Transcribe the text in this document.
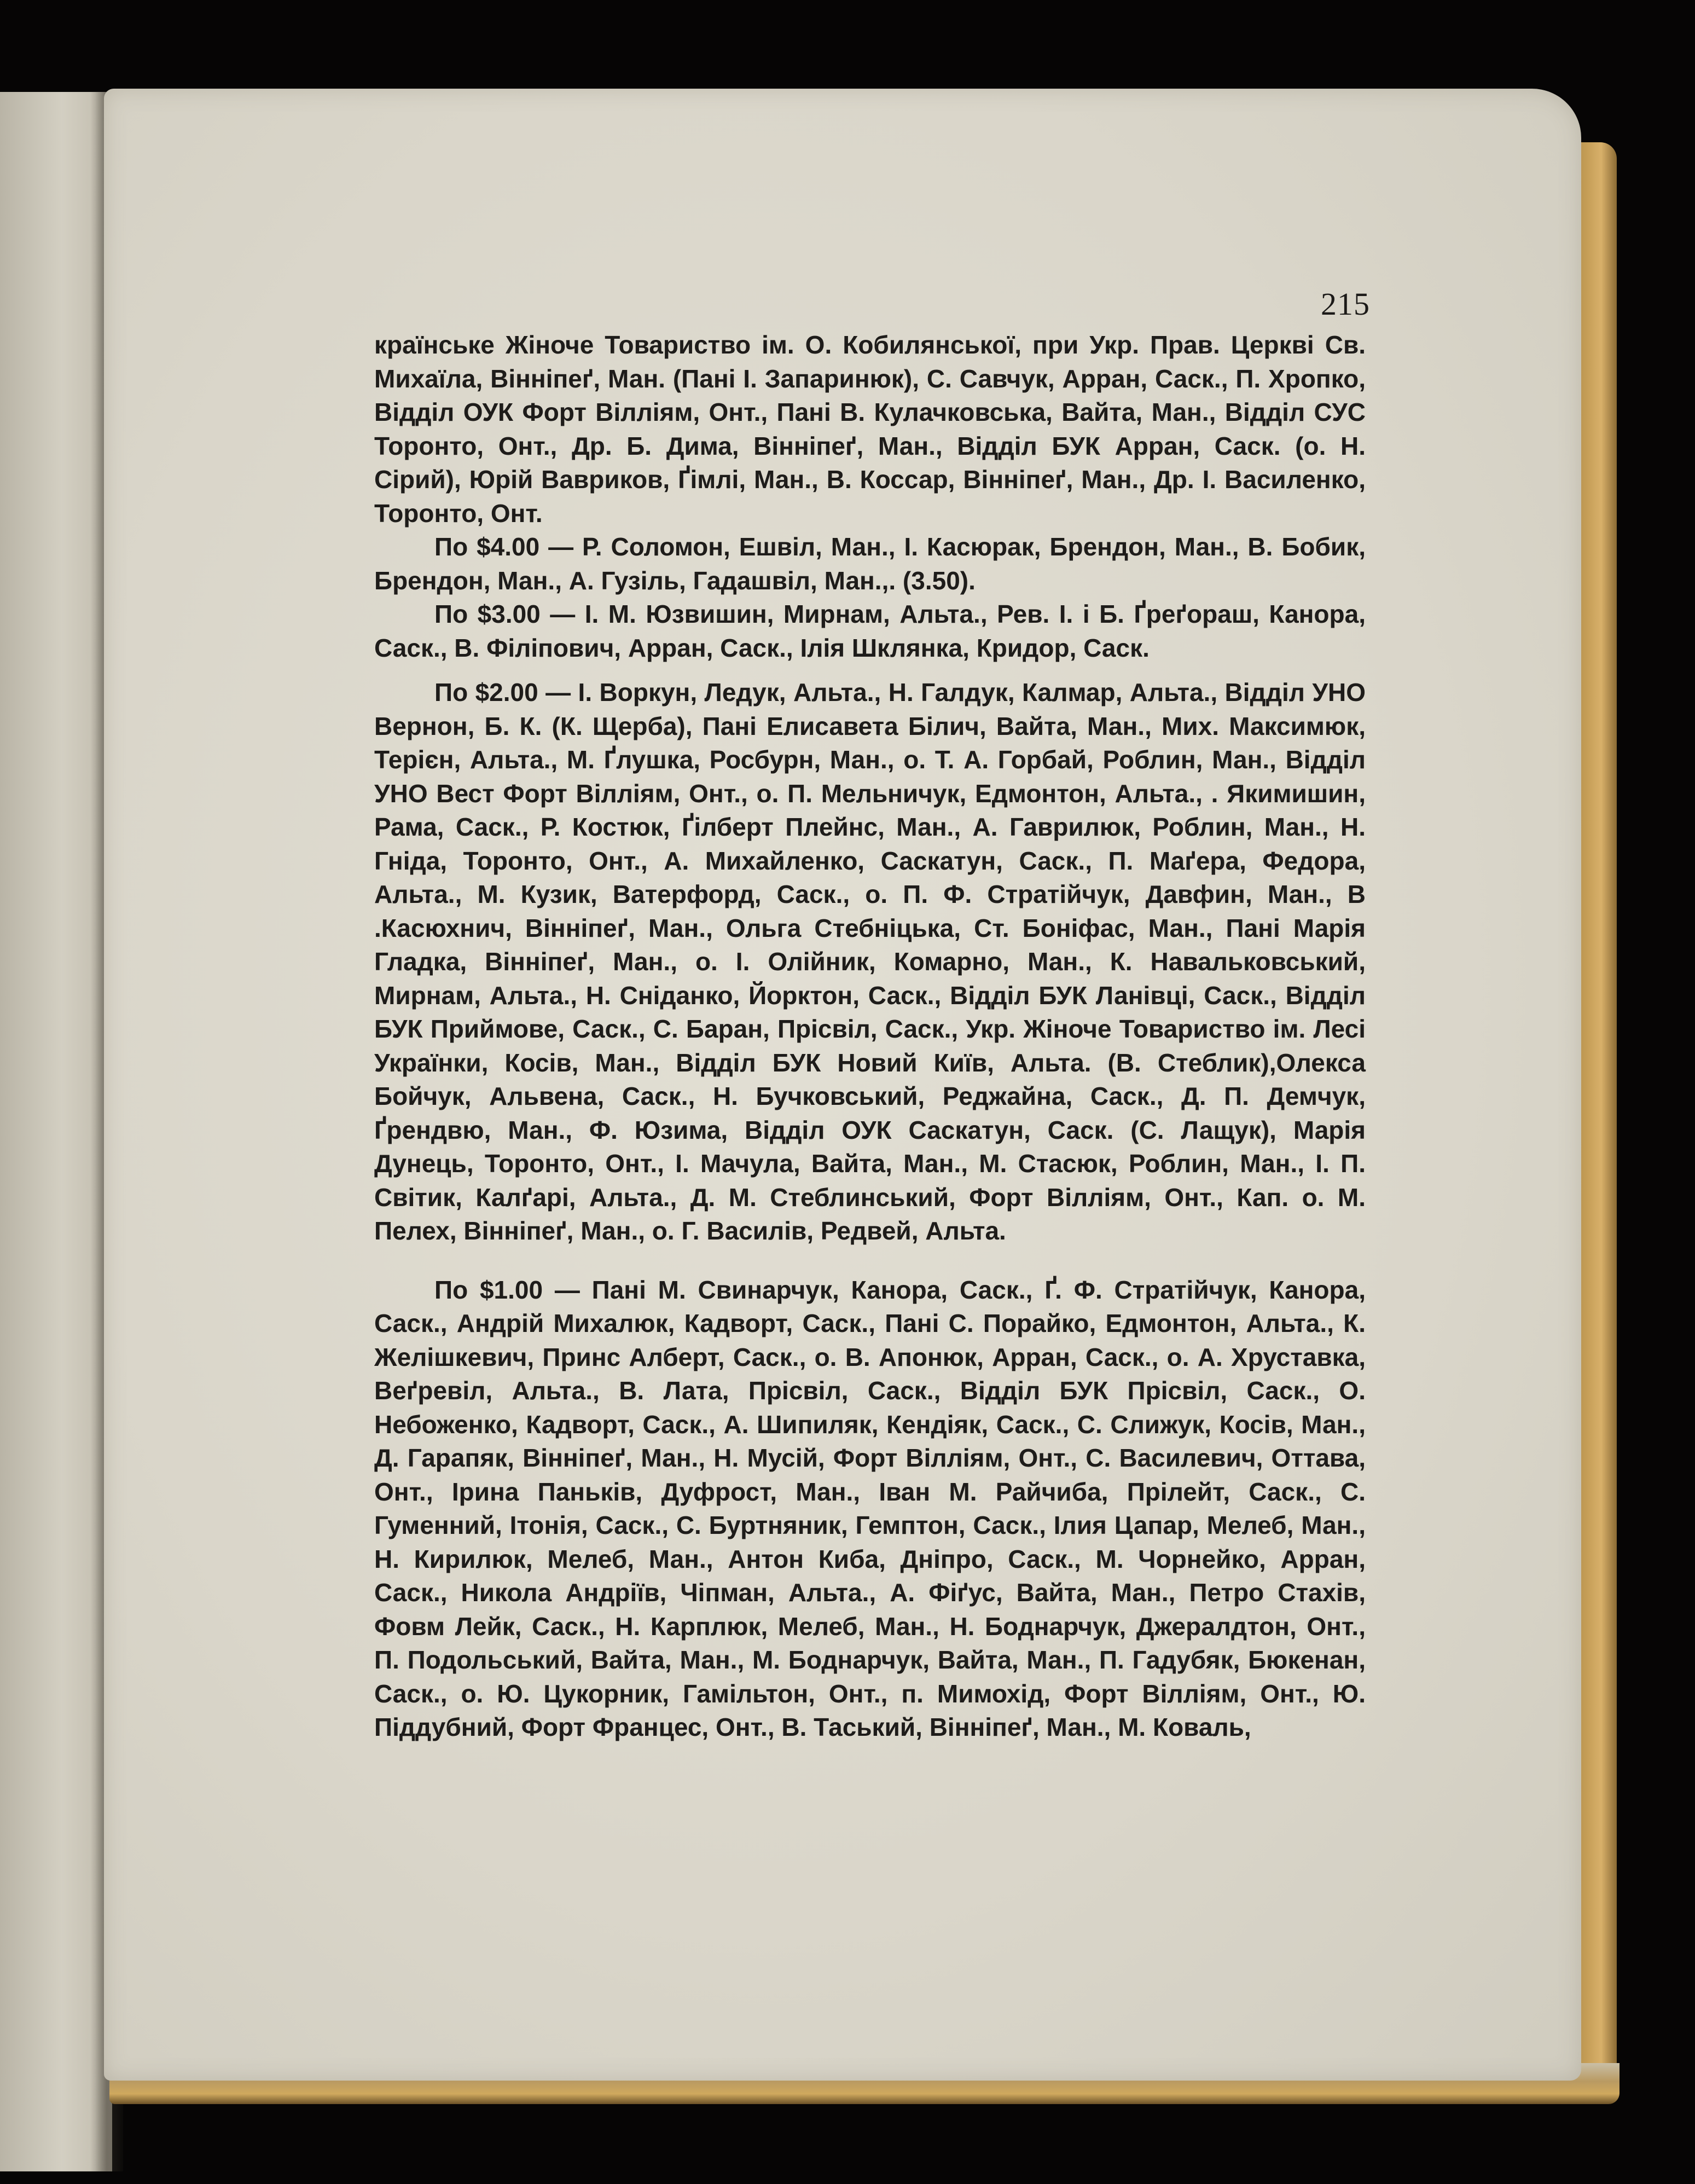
215

країнське Жіноче Товариство ім. О. Кобилянської, при Укр. Прав. Церкві Св. Михаїла, Вінніпеґ, Ман. (Пані І. Запаринюк), С. Савчук, Арран, Саск., П. Хропко, Відділ ОУК Форт Вілліям, Онт., Пані В. Кулачковська, Вайта, Ман., Відділ СУС Торонто, Онт., Др. Б. Дима, Вінніпеґ, Ман., Відділ БУК Арран, Саск. (о. Н. Сірий), Юрій Вавриков, Ґімлі, Ман., В. Коссар, Вінніпеґ, Ман., Др. І. Василенко, Торонто, Онт.

По $4.00 — Р. Соломон, Ешвіл, Ман., І. Касюрак, Брендон, Ман., В. Бобик, Брендон, Ман., А. Гузіль, Гадашвіл, Ман.,. (3.50).

По $3.00 — І. М. Юзвишин, Мирнам, Альта., Рев. І. і Б. Ґреґораш, Канора, Саск., В. Філіпович, Арран, Саск., Ілія Шклянка, Кридор, Саск.

По $2.00 — І. Воркун, Ледук, Альта., Н. Галдук, Калмар, Альта., Відділ УНО Вернон, Б. К. (К. Щерба), Пані Елисавета Білич, Вайта, Ман., Мих. Максимюк, Терієн, Альта., М. Ґлушка, Росбурн, Ман., о. Т. А. Горбай, Роблин, Ман., Відділ УНО Вест Форт Вілліям, Онт., о. П. Мельничук, Едмонтон, Альта., . Якимишин, Рама, Саск., Р. Костюк, Ґілберт Плейнс, Ман., А. Гаврилюк, Роблин, Ман., Н. Гніда, Торонто, Онт., А. Михайленко, Саскатун, Саск., П. Маґера, Федора, Альта., М. Кузик, Ватерфорд, Саск., о. П. Ф. Стратійчук, Давфин, Ман., В .Касюхнич, Вінніпеґ, Ман., Ольга Стебніцька, Ст. Боніфас, Ман., Пані Марія Гладка, Вінніпеґ, Ман., о. І. Олійник, Комарно, Ман., К. Навальковський, Мирнам, Альта., Н. Сніданко, Йорктон, Саск., Відділ БУК Ланівці, Саск., Відділ БУК Приймове, Саск., С. Баран, Прісвіл, Саск., Укр. Жіноче Товариство ім. Лесі Українки, Косів, Ман., Відділ БУК Новий Київ, Альта. (В. Стеблик),Олекса Бойчук, Альвена, Саск., Н. Бучковський, Реджайна, Саск., Д. П. Демчук, Ґрендвю, Ман., Ф. Юзима, Відділ ОУК Саскатун, Саск. (С. Лащук), Марія Дунець, Торонто, Онт., І. Мачула, Вайта, Ман., М. Стасюк, Роблин, Ман., І. П. Світик, Калґарі, Альта., Д. М. Стеблинський, Форт Вілліям, Онт., Кап. о. М. Пелех, Вінніпеґ, Ман., о. Г. Василів, Редвей, Альта.

По $1.00 — Пані М. Свинарчук, Канора, Саск., Ґ. Ф. Стратійчук, Канора, Саск., Андрій Михалюк, Кадворт, Саск., Пані С. Порайко, Едмонтон, Альта., К. Желішкевич, Принс Алберт, Саск., о. В. Апонюк, Арран, Саск., о. А. Хруставка, Веґревіл, Альта., В. Лата, Прісвіл, Саск., Відділ БУК Прісвіл, Саск., О. Небоженко, Кадворт, Саск., А. Шипиляк, Кендіяк, Саск., С. Слижук, Косів, Ман., Д. Гарапяк, Вінніпеґ, Ман., Н. Мусій, Форт Вілліям, Онт., С. Василевич, Оттава, Онт., Ірина Паньків, Дуфрост, Ман., Іван М. Райчиба, Прілейт, Саск., С. Гуменний, Ітонія, Саск., С. Буртняник, Гемптон, Саск., Ілия Цапар, Мелеб, Ман., Н. Кирилюк, Мелеб, Ман., Антон Киба, Дніпро, Саск., М. Чорнейко, Арран, Саск., Никола Андріїв, Чіпман, Альта., А. Фіґус, Вайта, Ман., Петро Стахів, Фовм Лейк, Саск., Н. Карплюк, Мелеб, Ман., Н. Боднарчук, Джералдтон, Онт., П. Подольський, Вайта, Ман., М. Боднарчук, Вайта, Ман., П. Гадубяк, Бюкенан, Саск., о. Ю. Цукорник, Гамільтон, Онт., п. Мимохід, Форт Вілліям, Онт., Ю. Піддубний, Форт Францес, Онт., В. Таський, Вінніпеґ, Ман., М. Коваль,
